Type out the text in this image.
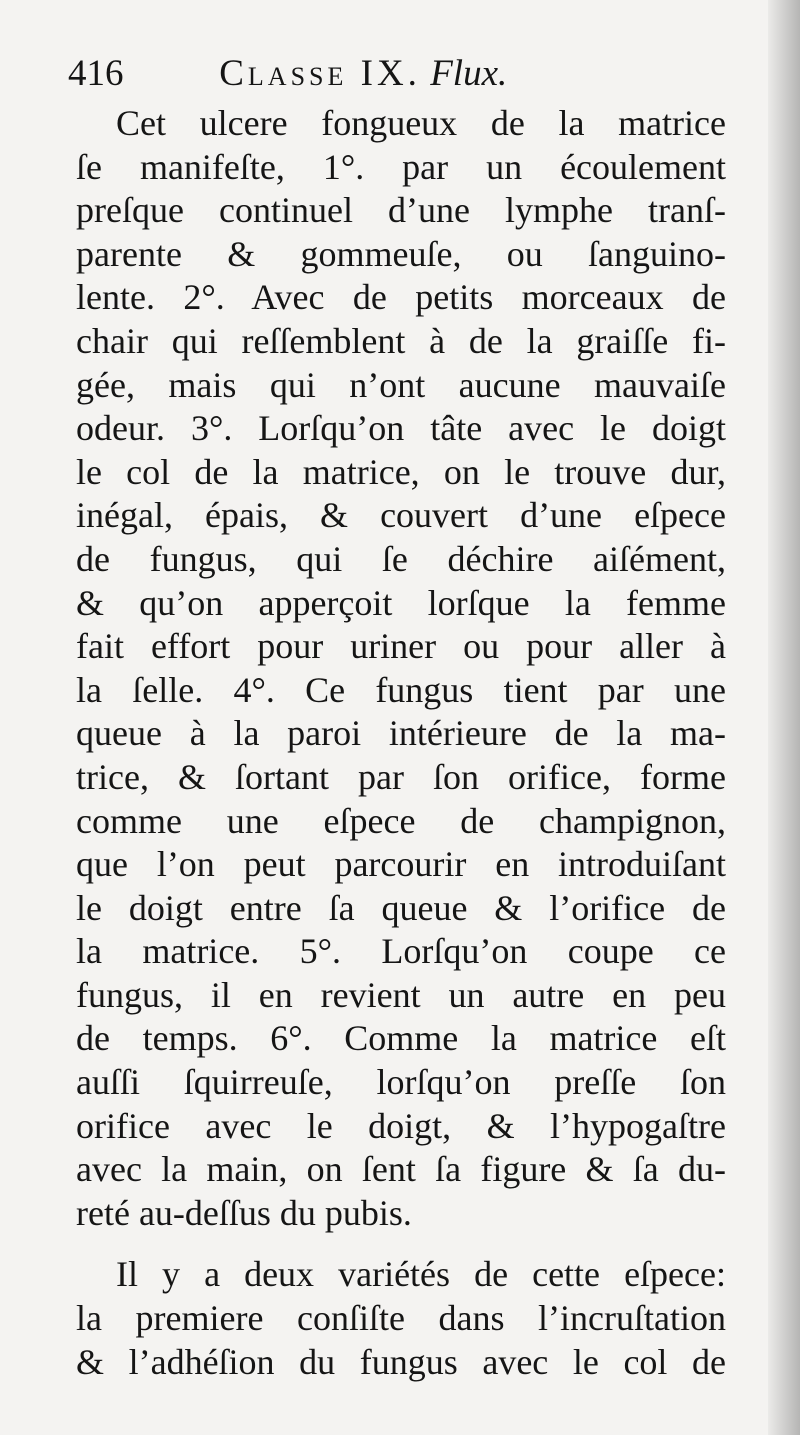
416	Classe IX. Flux.
Cet ulcere fongueux de la matrice
ſe manifeſte, 1°. par un écoulement
preſque continuel d’une lymphe tranſ-
parente & gommeuſe, ou ſanguino-
lente. 2°. Avec de petits morceaux de
chair qui reſſemblent à de la graiſſe fi-
gée, mais qui n’ont aucune mauvaiſe
odeur. 3°. Lorſqu’on tâte avec le doigt
le col de la matrice, on le trouve dur,
inégal, épais, & couvert d’une eſpece
de fungus, qui ſe déchire aiſément,
& qu’on apperçoit lorſque la femme
fait effort pour uriner ou pour aller à
la ſelle. 4°. Ce fungus tient par une
queue à la paroi intérieure de la ma-
trice, & ſortant par ſon orifice, forme
comme une eſpece de champignon,
que l’on peut parcourir en introduiſant
le doigt entre ſa queue & l’orifice de
la matrice. 5°. Lorſqu’on coupe ce
fungus, il en revient un autre en peu
de temps. 6°. Comme la matrice eſt
auſſi ſquirreuſe, lorſqu’on preſſe ſon
orifice avec le doigt, & l’hypogaſtre
avec la main, on ſent ſa figure & ſa du-
reté au-deſſus du pubis.
Il y a deux variétés de cette eſpece:
la premiere conſiſte dans l’incruſtation
& l’adhéſion du fungus avec le col de
